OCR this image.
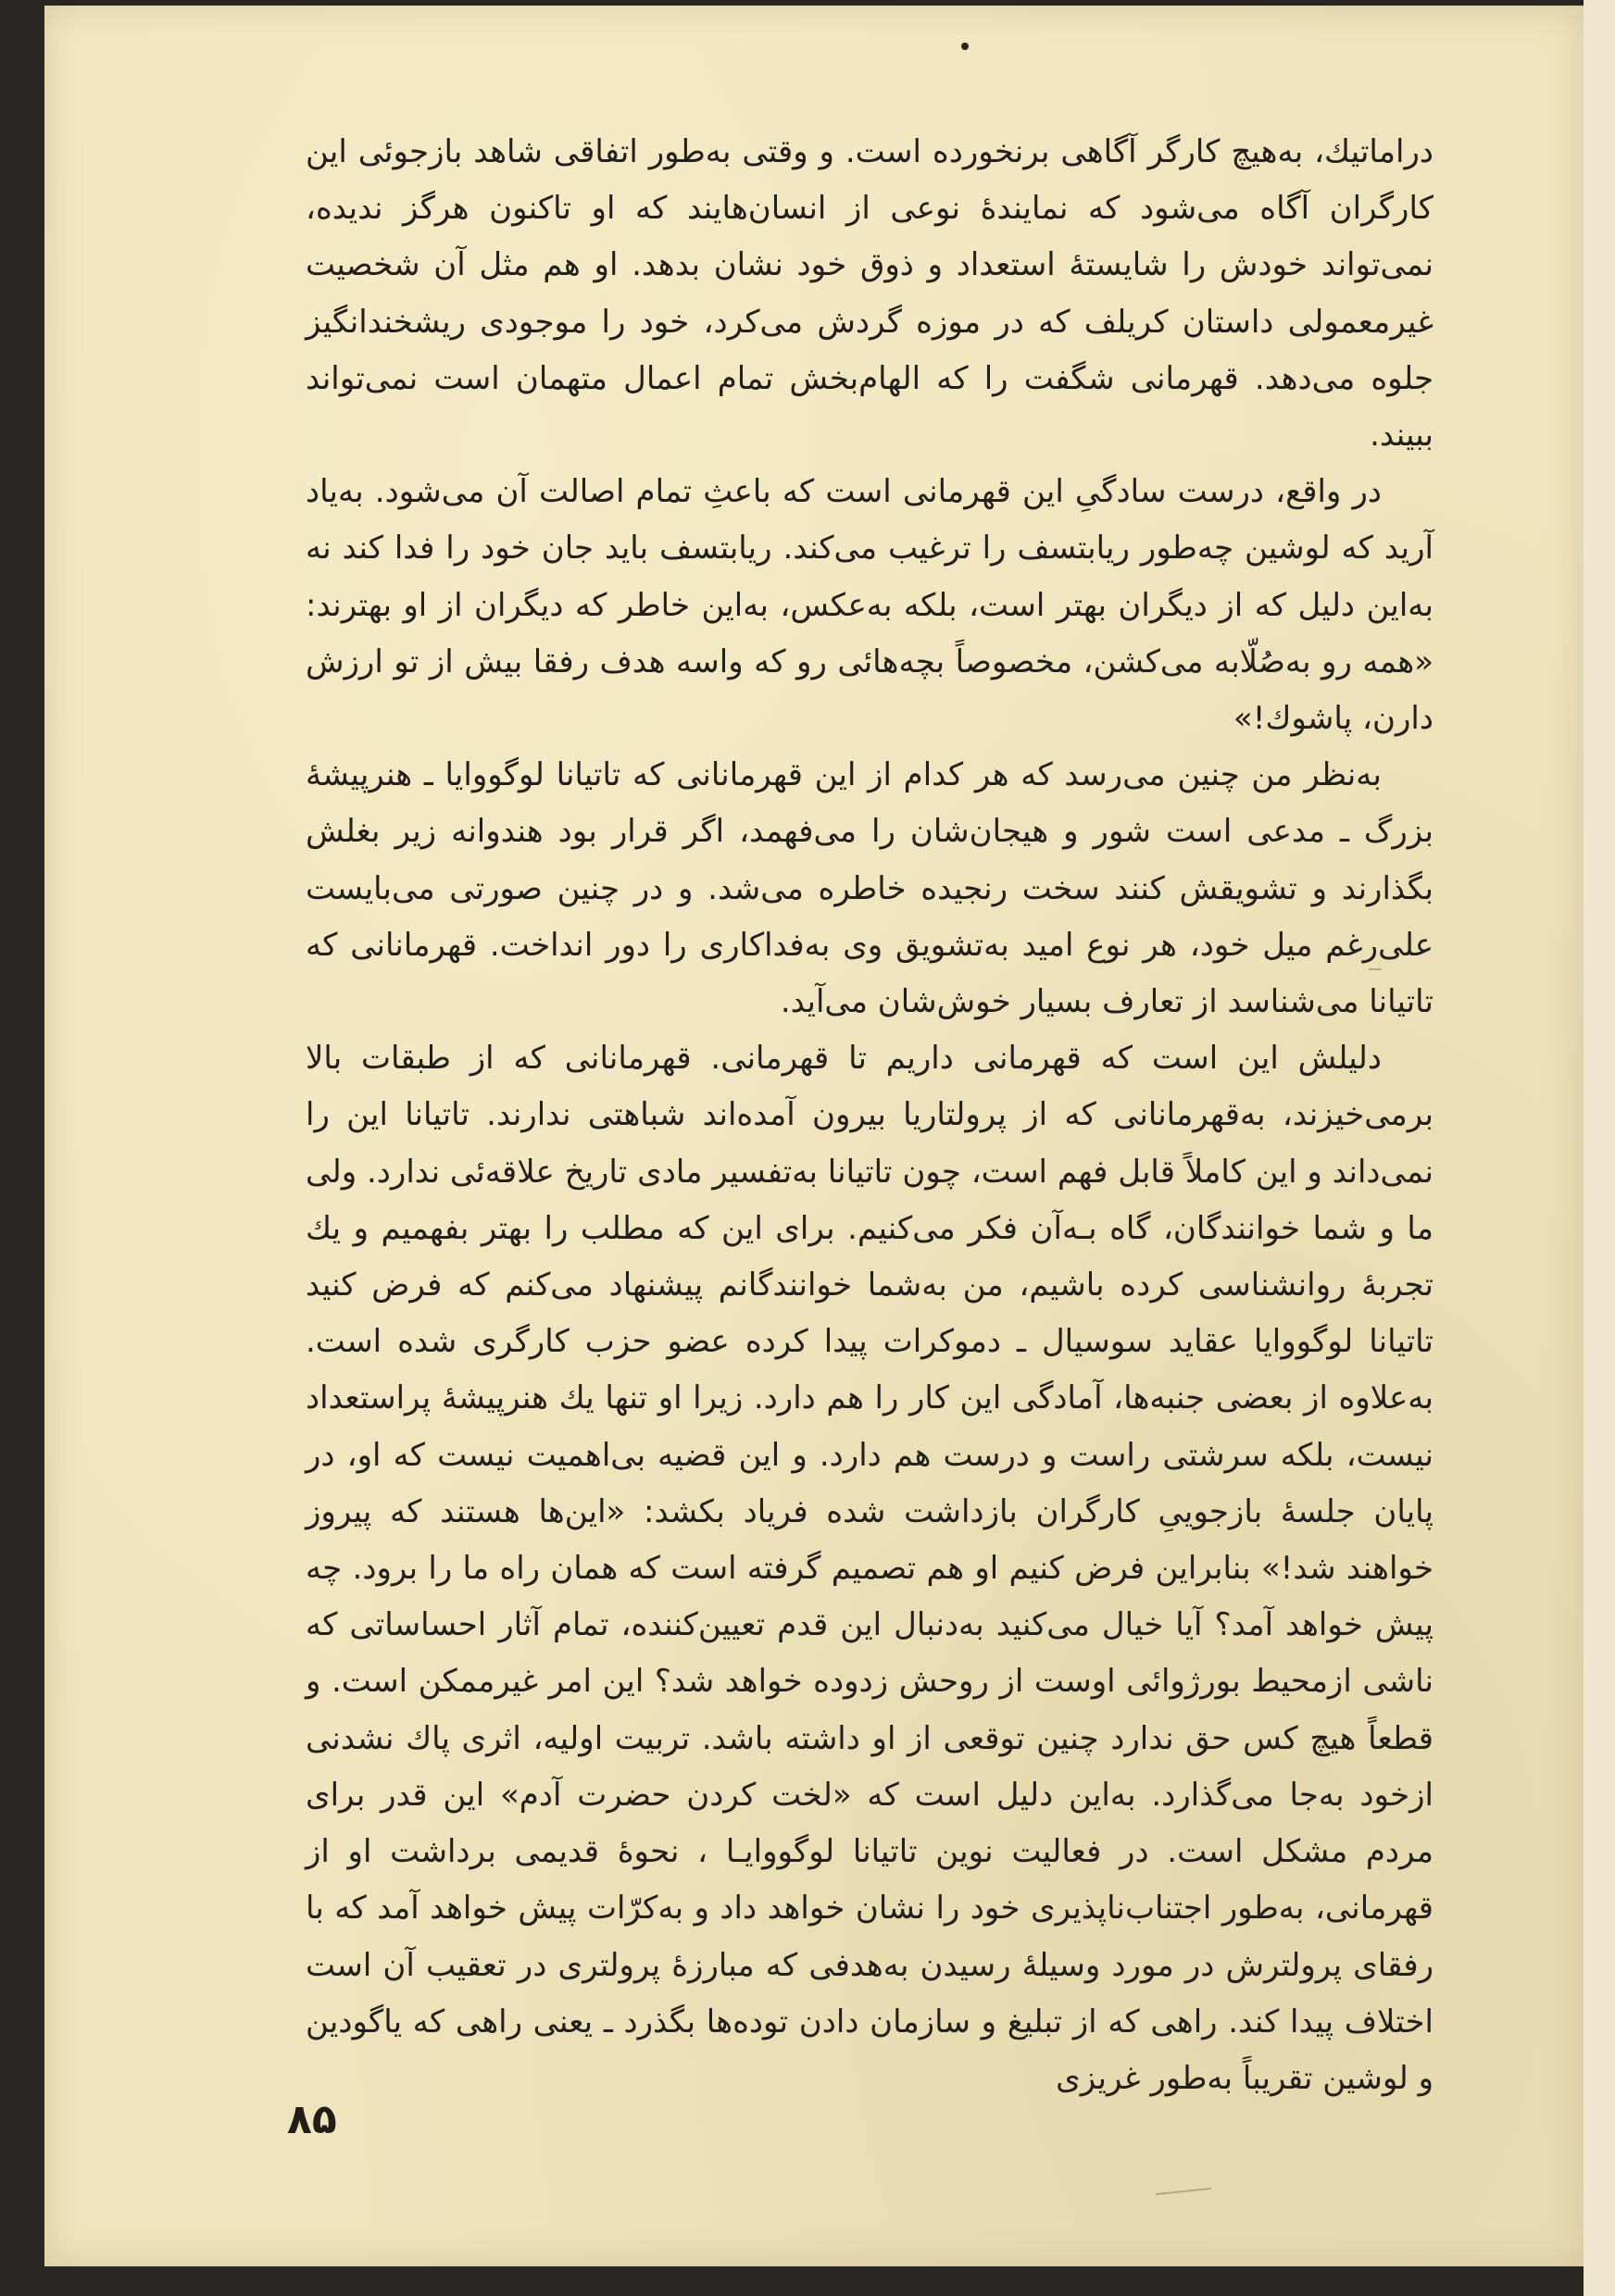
دراماتیك، به‌هیچ کارگر آگاهی برنخورده است. و وقتی به‌طور اتفاقی شاهد بازجوئی این کارگران آگاه می‌شود که نمایندهٔ نوعی از انسان‌هایند که او تاکنون هرگز ندیده، نمی‌تواند خودش را شایستهٔ استعداد و ذوق خود نشان بدهد. او هم مثل آن شخصیت غیرمعمولی داستان کریلف که در موزه گردش می‌کرد، خود را موجودی ریشخندانگیز جلوه می‌دهد. قهرمانی شگفت را که الهام‌بخش تمام اعمال متهمان است نمی‌تواند ببیند.

در واقع، درست سادگیِ این قهرمانی است که باعثِ تمام اصالت آن می‌شود. به‌یاد آرید که لوشین چه‌طور ریابتسف را ترغیب می‌کند. ریابتسف باید جان خود را فدا کند نه به‌این دلیل که از دیگران بهتر است، بلکه به‌عکس، به‌این خاطر که دیگران از او بهترند: «همه رو به‌صُلّابه می‌کشن، مخصوصاً بچه‌هائی رو که واسه هدف رفقا بیش از تو ارزش دارن، پاشوك!»

به‌نظر من چنین می‌رسد که هر کدام از این قهرمانانی که تاتیانا لوگووایا ـ هنرپیشهٔ بزرگ ـ مدعی است شور و هیجان‌شان را می‌فهمد، اگر قرار بود هندوانه زیر بغلش بگذارند و تشویقش کنند سخت رنجیده خاطره می‌شد. و در چنین صورتی می‌بایست علی‌رغم میل خود، هر نوع امید به‌تشویق وی به‌فداکاری را دور انداخت. قهرمانانی که تاتیانا می‌شناسد از تعارف بسیار خوش‌شان می‌آید.

دلیلش این است که قهرمانی داریم تا قهرمانی. قهرمانانی که از طبقات بالا برمی‌خیزند، به‌قهرمانانی که از پرولتاریا بیرون آمده‌اند شباهتی ندارند. تاتیانا این را نمی‌داند و این کاملاً قابل فهم است، چون تاتیانا به‌تفسیر مادی تاریخ علاقه‌ئی ندارد. ولی ما و شما خوانندگان، گاه بـه‌آن فکر می‌کنیم. برای این که مطلب را بهتر بفهمیم و یك تجربهٔ روانشناسی کرده باشیم، من به‌شما خوانندگانم پیشنهاد می‌کنم که فرض کنید تاتیانا لوگووایا عقاید سوسیال ـ دموکرات پیدا کرده عضو حزب کارگری شده است. به‌علاوه از بعضی جنبه‌ها، آمادگی این کار را هم دارد. زیرا او تنها یك هنرپیشهٔ پراستعداد نیست، بلکه سرشتی راست و درست هم دارد. و این قضیه بی‌اهمیت نیست که او، در پایان جلسهٔ بازجوییِ کارگران بازداشت شده فریاد بکشد: «این‌ها هستند که پیروز خواهند شد!» بنابراین فرض کنیم او هم تصمیم گرفته است که همان راه ما را برود. چه پیش خواهد آمد؟ آیا خیال می‌کنید به‌دنبال این قدم تعیین‌کننده، تمام آثار احساساتی که ناشی ازمحیط بورژوائی اوست از روحش زدوده خواهد شد؟ این امر غیرممکن است. و قطعاً هیچ کس حق ندارد چنین توقعی از او داشته باشد. تربیت اولیه، اثری پاك نشدنی ازخود به‌جا می‌گذارد. به‌این دلیل است که «لخت کردن حضرت آدم» این قدر برای مردم مشکل است. در فعالیت نوین تاتیانا لوگووایـا ، نحوهٔ قدیمی برداشت او از قهرمانی، به‌طور اجتناب‌ناپذیری خود را نشان خواهد داد و به‌کرّات پیش خواهد آمد که با رفقای پرولترش در مورد وسیلهٔ رسیدن به‌هدفی که مبارزهٔ پرولتری در تعقیب آن است اختلاف پیدا کند. راهی که از تبلیغ و سازمان دادن توده‌ها بگذرد ـ یعنی راهی که یاگودین و لوشین تقریباً به‌طور غریزی

۸۵
